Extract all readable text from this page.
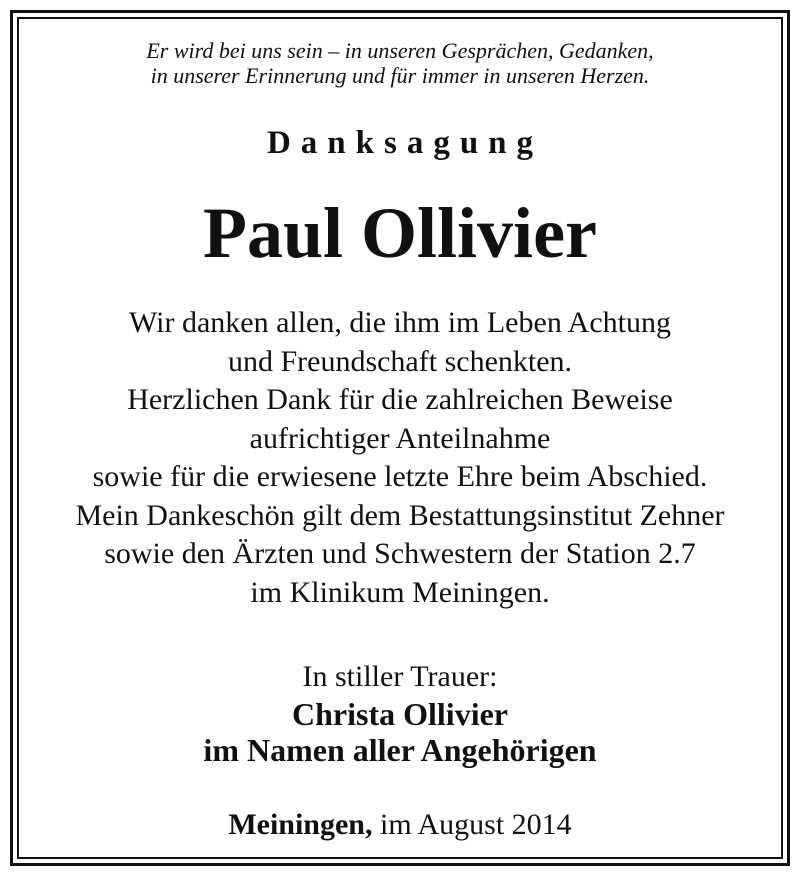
Er wird bei uns sein – in unseren Gesprächen, Gedanken,
in unserer Erinnerung und für immer in unseren Herzen.
Danksagung
Paul Ollivier
Wir danken allen, die ihm im Leben Achtung
und Freundschaft schenkten.
Herzlichen Dank für die zahlreichen Beweise
aufrichtiger Anteilnahme
sowie für die erwiesene letzte Ehre beim Abschied.
Mein Dankeschön gilt dem Bestattungsinstitut Zehner
sowie den Ärzten und Schwestern der Station 2.7
im Klinikum Meiningen.
In stiller Trauer:
Christa Ollivier
im Namen aller Angehörigen
Meiningen, im August 2014
